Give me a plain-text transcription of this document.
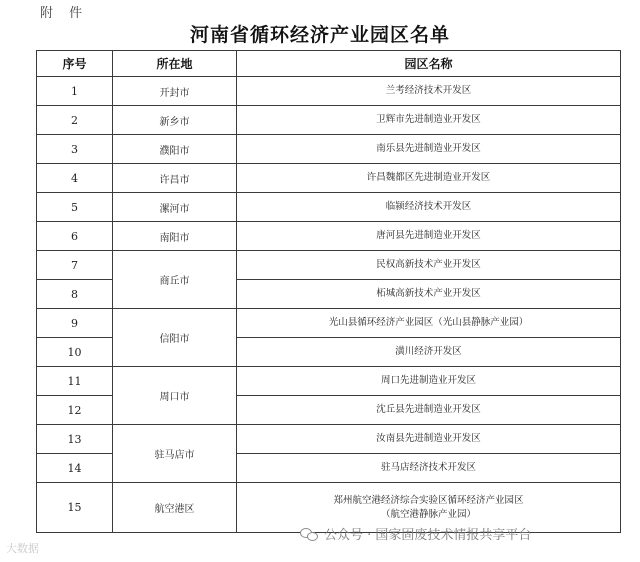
附 件
河南省循环经济产业园区名单
序号	所在地	园区名称
1	开封市	兰考经济技术开发区
2	新乡市	卫辉市先进制造业开发区
3	濮阳市	南乐县先进制造业开发区
4	许昌市	许昌魏都区先进制造业开发区
5	漯河市	临颍经济技术开发区
6	南阳市	唐河县先进制造业开发区
7	商丘市	民权高新技术产业开发区
8		柘城高新技术产业开发区
9	信阳市	光山县循环经济产业园区（光山县静脉产业园）
10		潢川经济开发区
11	周口市	周口先进制造业开发区
12		沈丘县先进制造业开发区
13	驻马店市	汝南县先进制造业开发区
14		驻马店经济技术开发区
15	航空港区	郑州航空港经济综合实验区循环经济产业园区
（航空港静脉产业园）
公众号 · 国家固废技术情报共享平台
大数据
